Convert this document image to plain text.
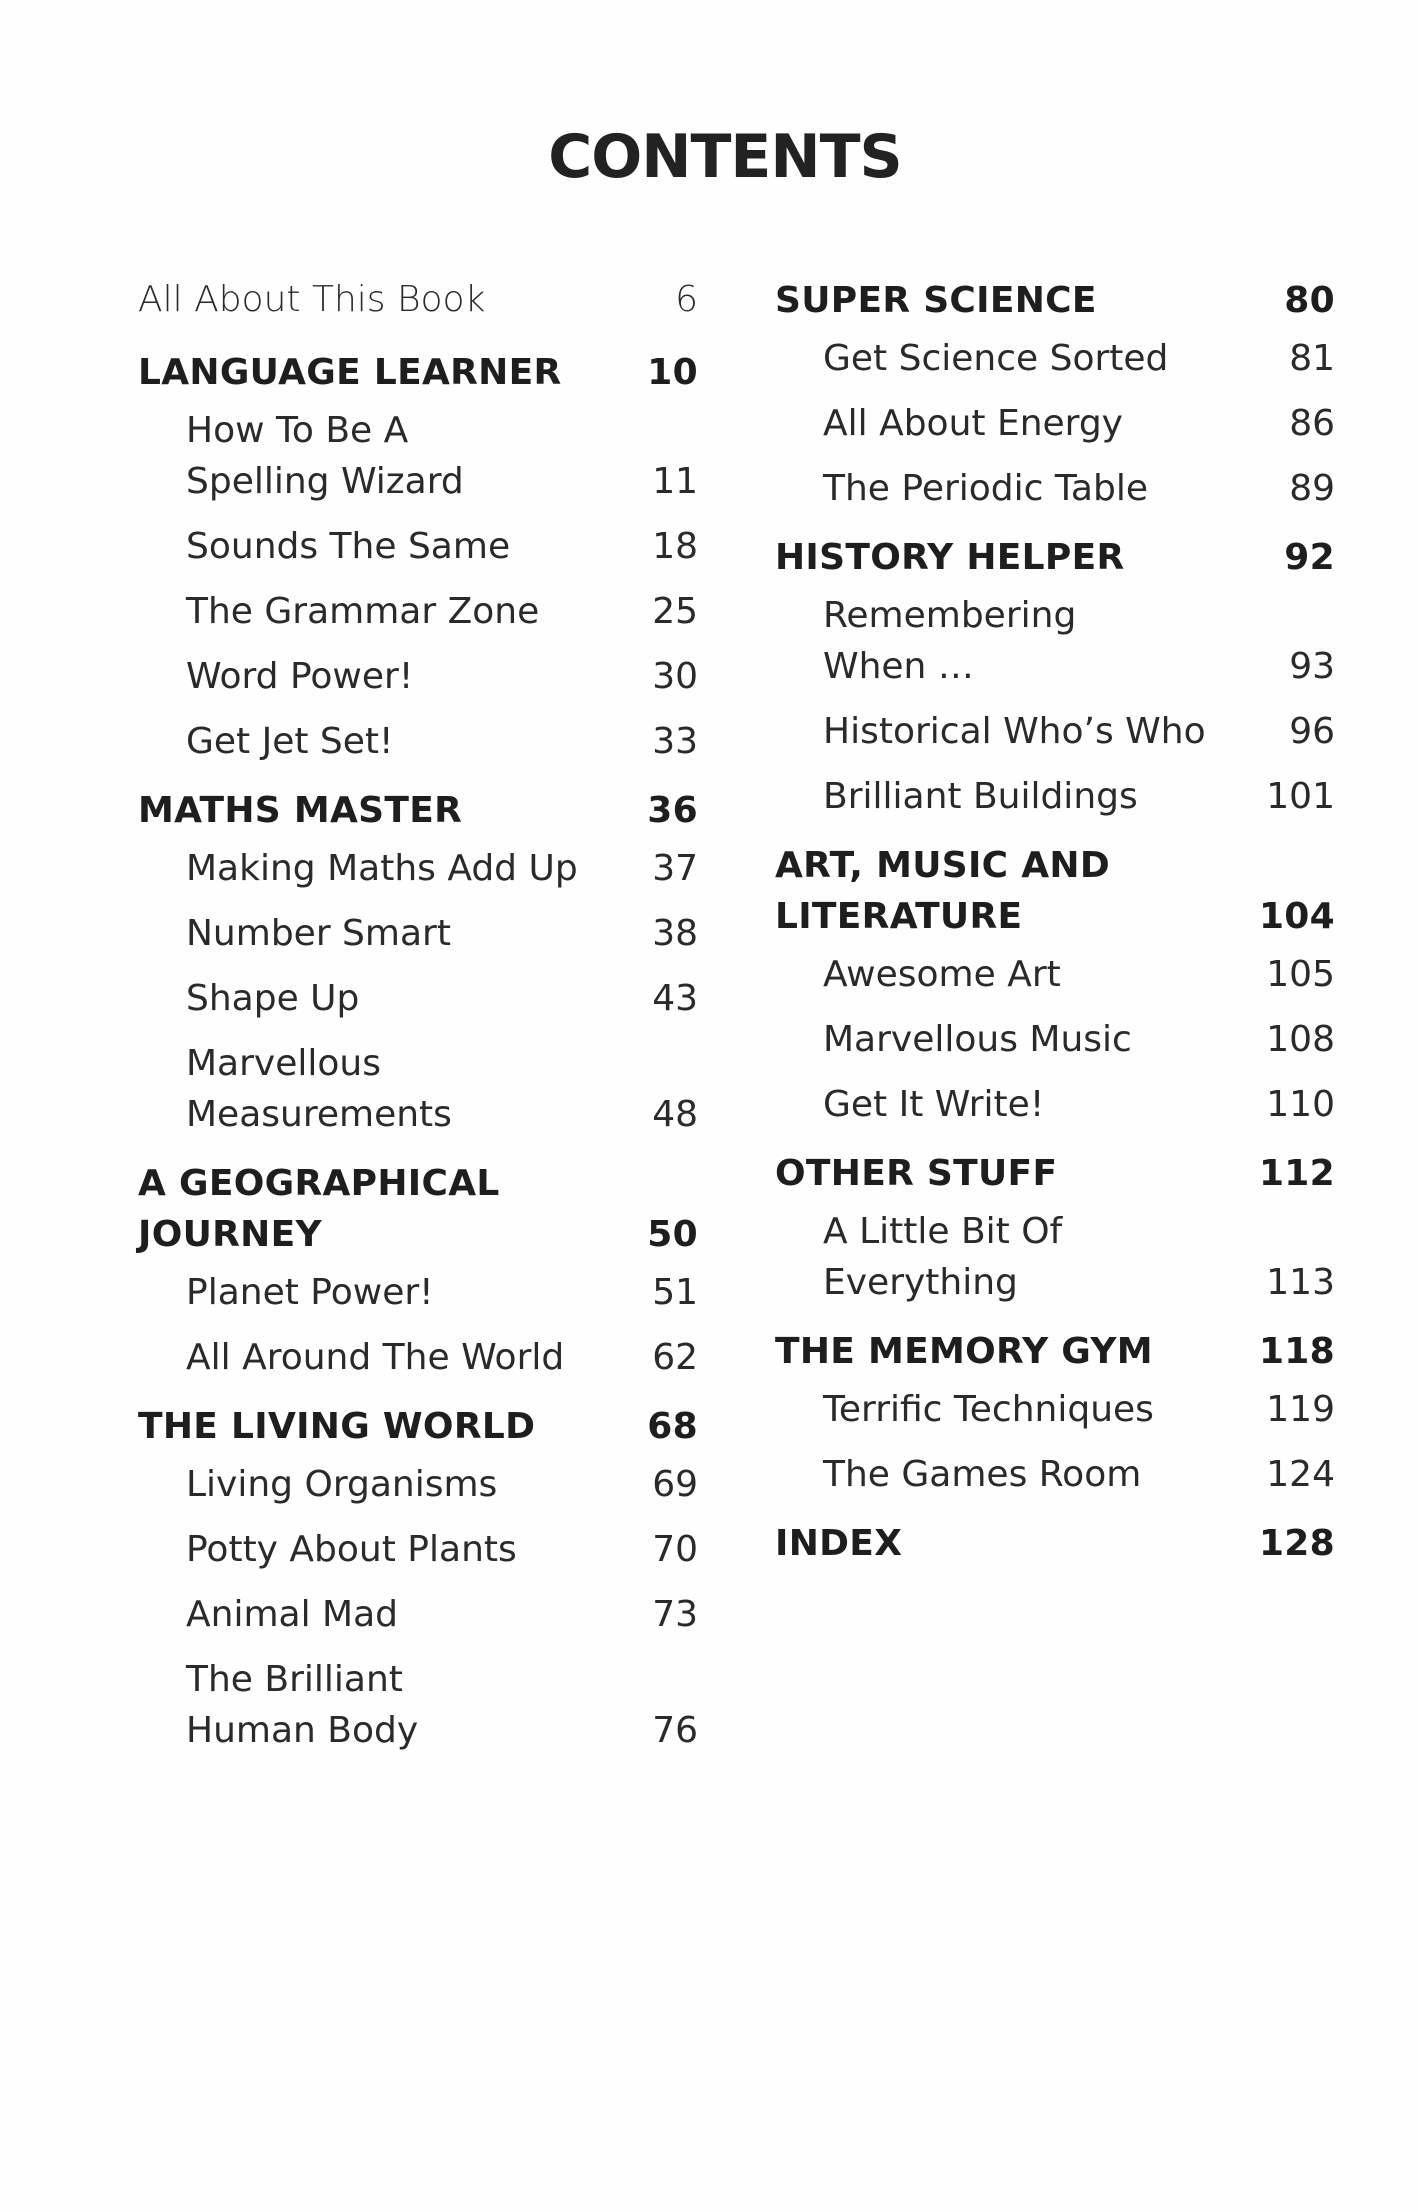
CONTENTS
All About This Book	6
LANGUAGE LEARNER	10
How To Be A
Spelling Wizard	11
Sounds The Same	18
The Grammar Zone	25
Word Power!	30
Get Jet Set!	33
MATHS MASTER	36
Making Maths Add Up	37
Number Smart	38
Shape Up	43
Marvellous
Measurements	48
A GEOGRAPHICAL
JOURNEY	50
Planet Power!	51
All Around The World	62
THE LIVING WORLD	68
Living Organisms	69
Potty About Plants	70
Animal Mad	73
The Brilliant
Human Body	76
SUPER SCIENCE	80
Get Science Sorted	81
All About Energy	86
The Periodic Table	89
HISTORY HELPER	92
Remembering
When …	93
Historical Who’s Who	96
Brilliant Buildings	101
ART, MUSIC AND
LITERATURE	104
Awesome Art	105
Marvellous Music	108
Get It Write!	110
OTHER STUFF	112
A Little Bit Of
Everything	113
THE MEMORY GYM	118
Terrific Techniques	119
The Games Room	124
INDEX	128
